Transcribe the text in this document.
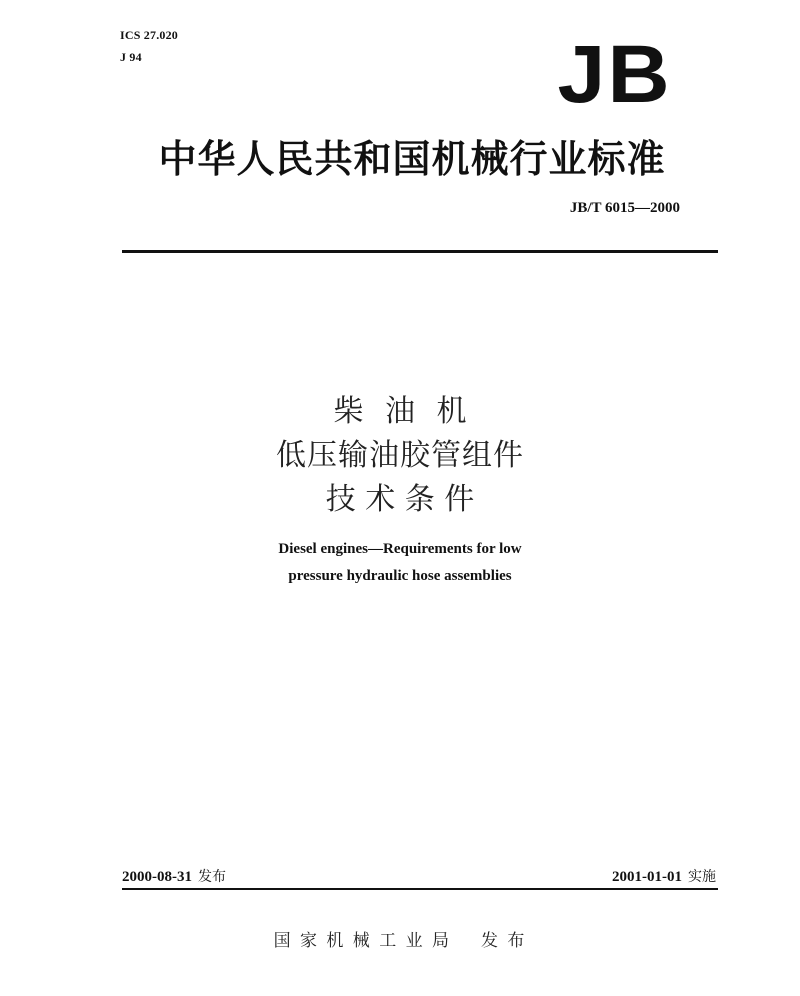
ICS 27.020
J 94	JB
中华人民共和国机械行业标准
JB/T 6015—2000
柴 油 机
低压输油胶管组件
技 术 条 件
Diesel engines—Requirements for low
pressure hydraulic hose assemblies
2000-08-31 发布	2001-01-01 实施
国 家 机 械 工 业 局 发 布
